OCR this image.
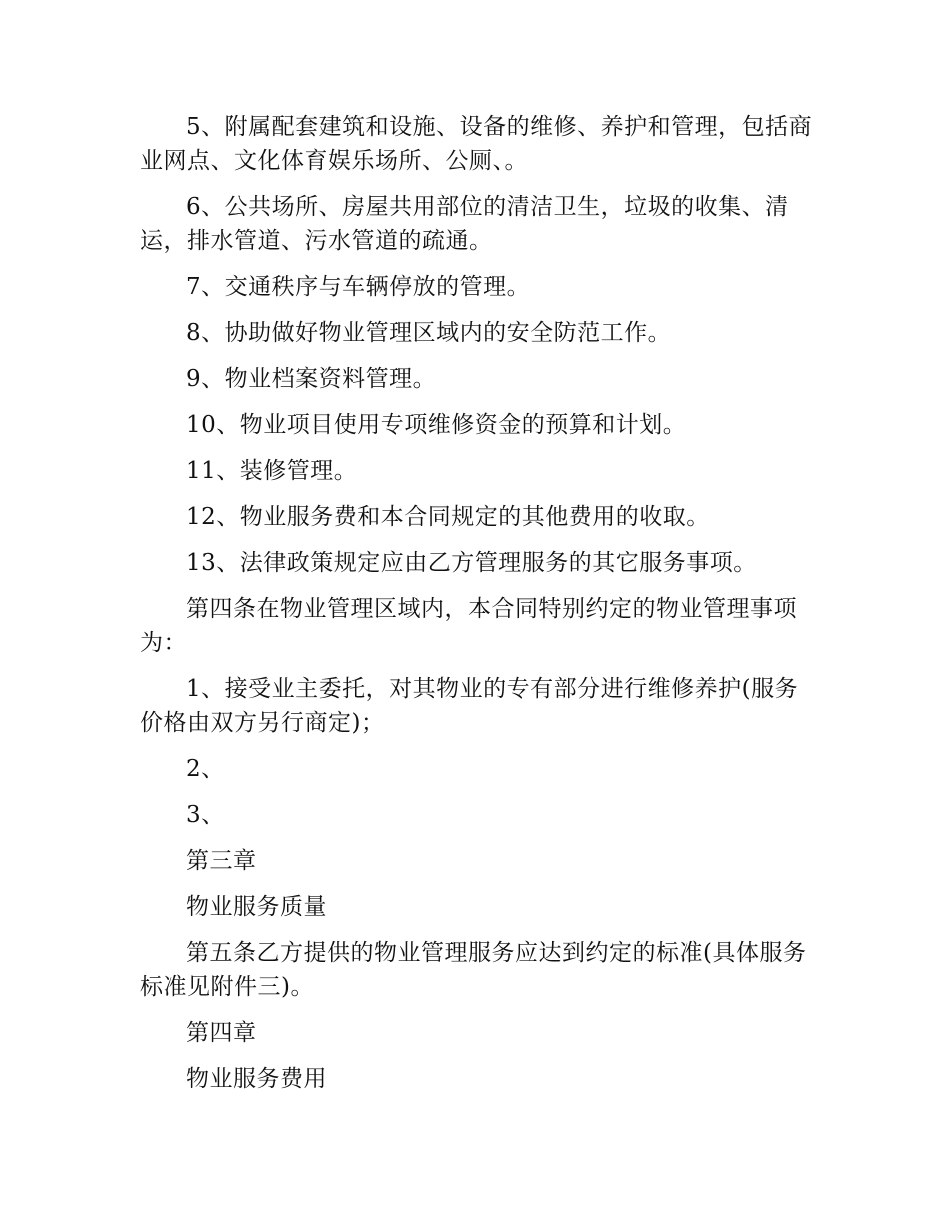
5、附属配套建筑和设施、设备的维修、养护和管理，包括商业网点、文化体育娱乐场所、公厕、。

6、公共场所、房屋共用部位的清洁卫生，垃圾的收集、清运，排水管道、污水管道的疏通。

7、交通秩序与车辆停放的管理。

8、协助做好物业管理区域内的安全防范工作。

9、物业档案资料管理。

10、物业项目使用专项维修资金的预算和计划。

11、装修管理。

12、物业服务费和本合同规定的其他费用的收取。

13、法律政策规定应由乙方管理服务的其它服务事项。

第四条在物业管理区域内，本合同特别约定的物业管理事项为：

1、接受业主委托，对其物业的专有部分进行维修养护(服务价格由双方另行商定)；

2、

3、

第三章

物业服务质量

第五条乙方提供的物业管理服务应达到约定的标准(具体服务标准见附件三)。

第四章

物业服务费用
